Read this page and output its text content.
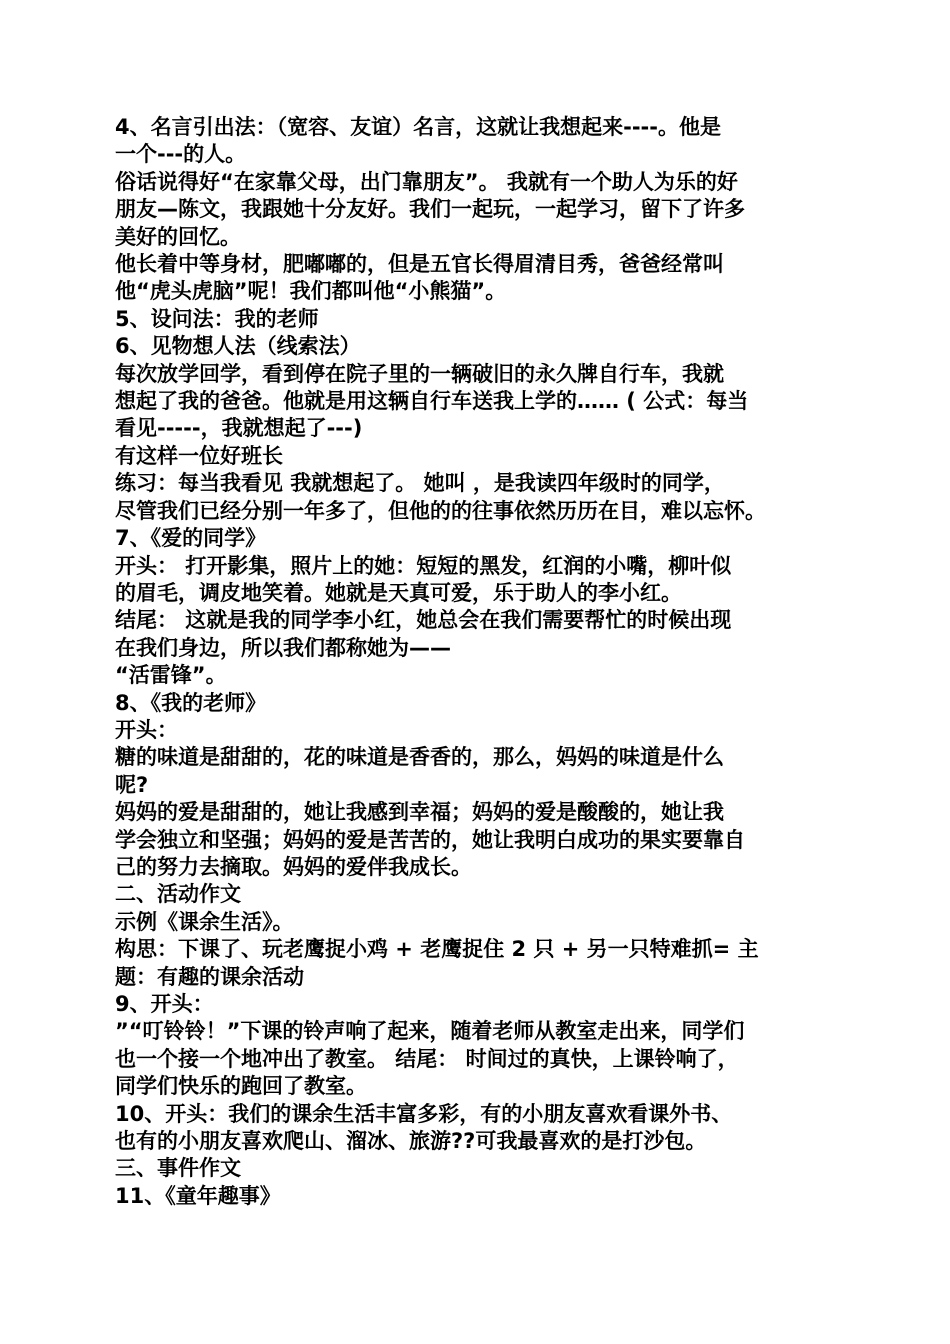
4、名言引出法：（宽容、友谊）名言，这就让我想起来----。他是
一个---的人。
俗话说得好“在家靠父母，出门靠朋友”。 我就有一个助人为乐的好
朋友—陈文，我跟她十分友好。我们一起玩，一起学习，留下了许多
美好的回忆。
他长着中等身材，肥嘟嘟的，但是五官长得眉清目秀，爸爸经常叫
他“虎头虎脑”呢！我们都叫他“小熊猫”。
5、设问法：我的老师
6、见物想人法（线索法）
每次放学回学，看到停在院子里的一辆破旧的永久牌自行车，我就
想起了我的爸爸。他就是用这辆自行车送我上学的…… ( 公式：每当
看见-----，我就想起了---)
有这样一位好班长
练习：每当我看见 我就想起了。 她叫 ，是我读四年级时的同学，
尽管我们已经分别一年多了，但他的的往事依然历历在目，难以忘怀。
7、《爱的同学》
开头： 打开影集，照片上的她：短短的黑发，红润的小嘴，柳叶似
的眉毛，调皮地笑着。她就是天真可爱，乐于助人的李小红。
结尾： 这就是我的同学李小红，她总会在我们需要帮忙的时候出现
在我们身边，所以我们都称她为——
“活雷锋”。
8、《我的老师》
开头：
糖的味道是甜甜的，花的味道是香香的，那么，妈妈的味道是什么
呢?
妈妈的爱是甜甜的，她让我感到幸福；妈妈的爱是酸酸的，她让我
学会独立和坚强；妈妈的爱是苦苦的，她让我明白成功的果实要靠自
己的努力去摘取。妈妈的爱伴我成长。
二、活动作文
示例《课余生活》。
构思：下课了、玩老鹰捉小鸡 + 老鹰捉住 2 只 + 另一只特难抓= 主
题：有趣的课余活动
9、开头：
”“叮铃铃！”下课的铃声响了起来，随着老师从教室走出来，同学们
也一个接一个地冲出了教室。 结尾： 时间过的真快，上课铃响了，
同学们快乐的跑回了教室。
10、开头：我们的课余生活丰富多彩，有的小朋友喜欢看课外书、
也有的小朋友喜欢爬山、溜冰、旅游??可我最喜欢的是打沙包。
三、事件作文
11、《童年趣事》
